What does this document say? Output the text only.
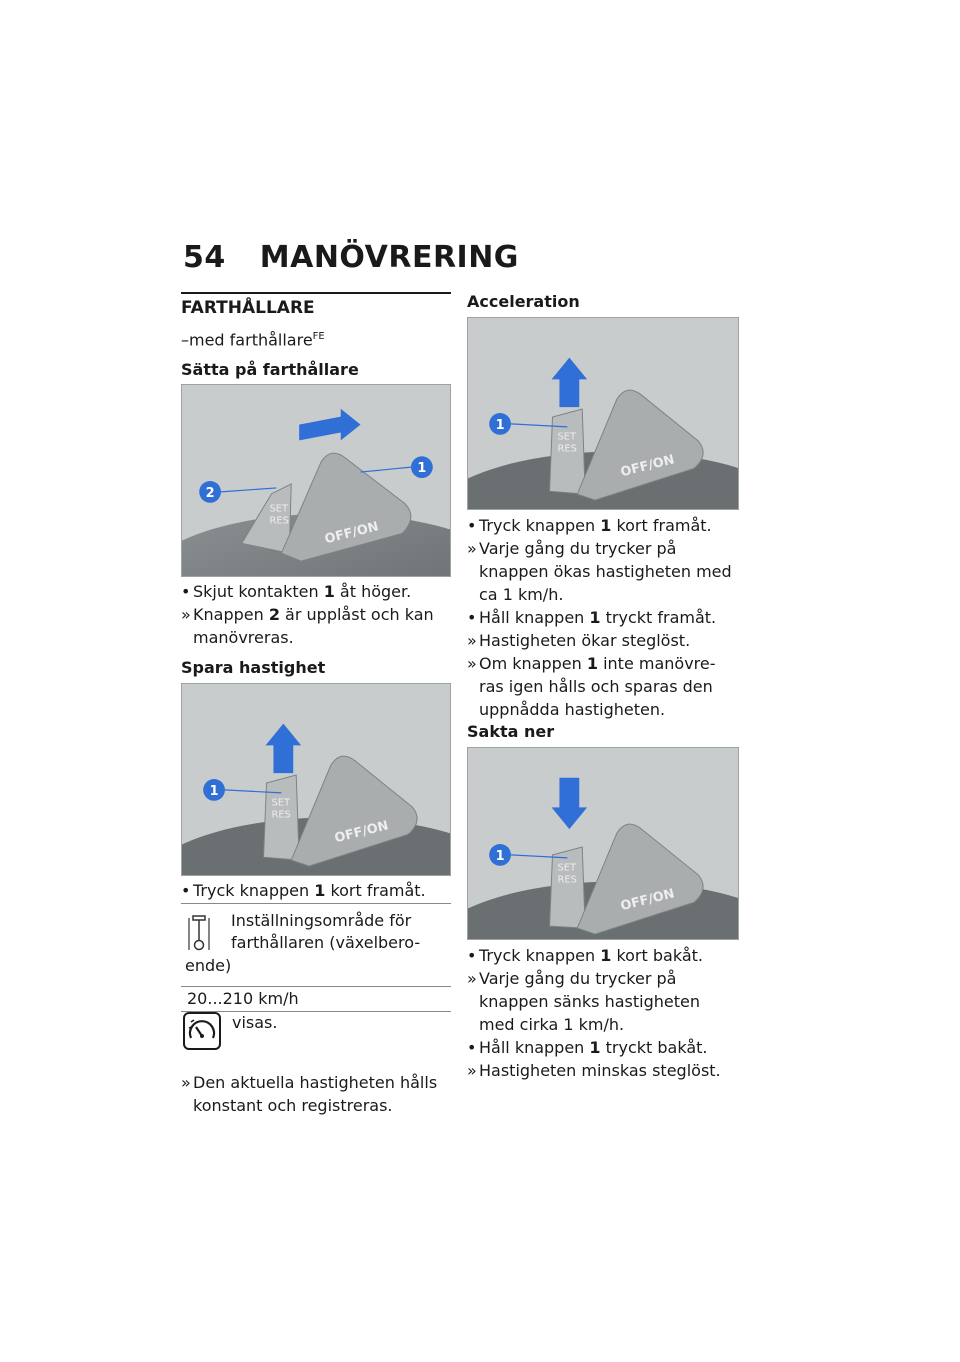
54 MANÖVRERING
FARTHÅLLARE
–med farthållare$^{FE}$
Sätta på farthållare
1
2
SET
RES	OFF/ON
• Skjut kontakten 1 åt höger.
» Knappen 2 är upplåst och kan manövreras.
Spara hastighet
1
SET
RES
OFF/ON
• Tryck knappen 1 kort framåt.
Inställningsområde för
farthållaren (växelbero-
ende)
20...210 km/h
visas.
» Den aktuella hastigheten hålls konstant och registreras.
Acceleration
1
SET
RES
OFF/ON
• Tryck knappen 1 kort framåt.
» Varje gång du trycker på knappen ökas hastigheten med ca 1 km/h.
• Håll knappen 1 tryckt framåt.
» Hastigheten ökar steglöst.
» Om knappen 1 inte manövre-ras igen hålls och sparas den uppnådda hastigheten.
Sakta ner
1
SET
RES
OFF/ON
• Tryck knappen 1 kort bakåt.
» Varje gång du trycker på knappen sänks hastigheten med cirka 1 km/h.
• Håll knappen 1 tryckt bakåt.
» Hastigheten minskas steglöst.
